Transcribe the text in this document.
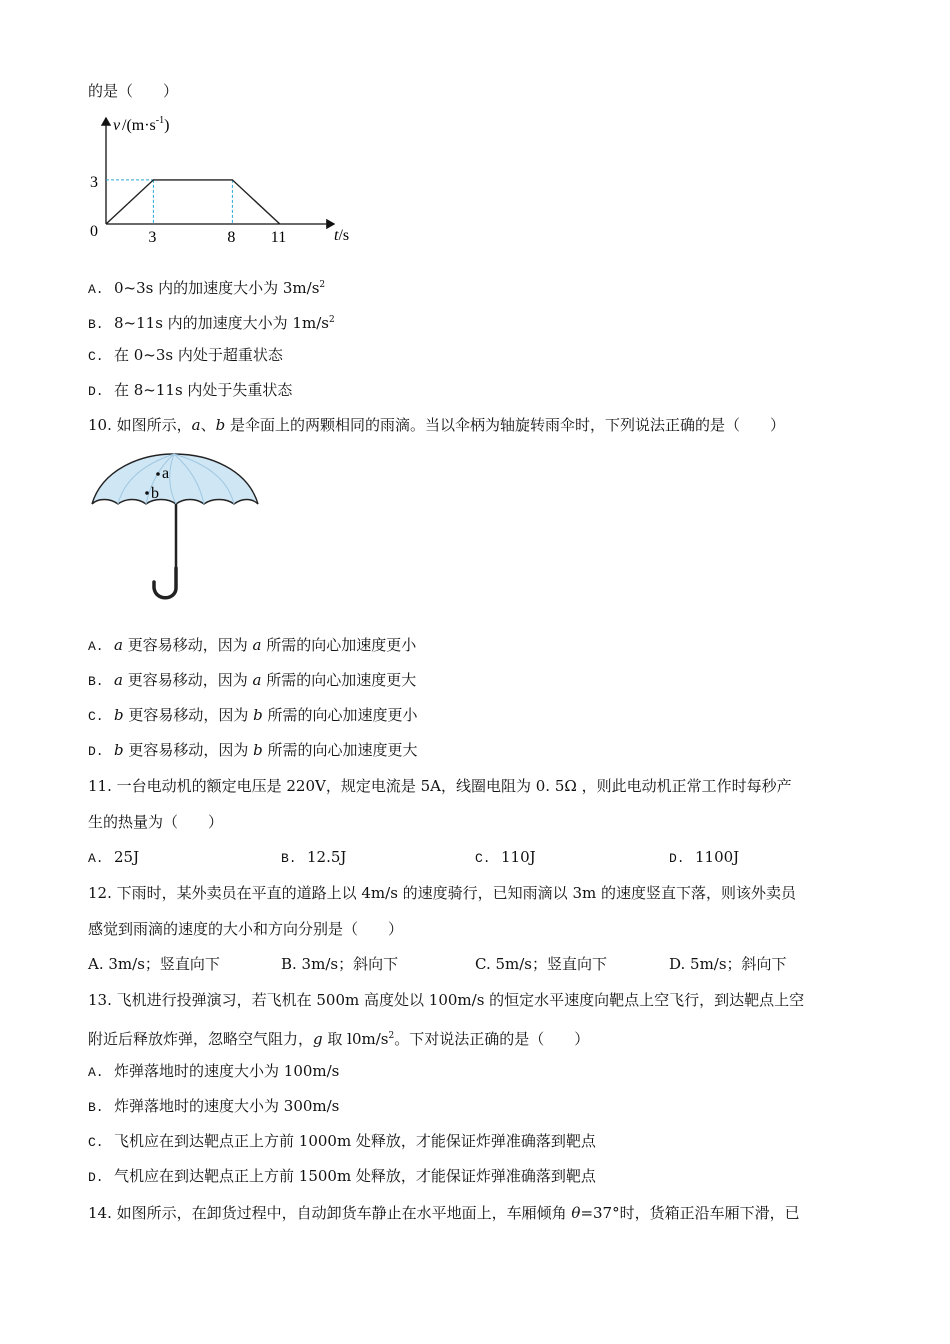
的是（　　）
v $/(m\cdot s^{-1})$
0
3
3	8 11	t/s
A. 0~3s 内的加速度大小为 $3m/s^2$
B. 8~11s 内的加速度大小为 $1m/s^2$
C. 在 0~3s 内处于超重状态
D. 在 8~11s 内处于失重状态
10. 如图所示，a、b 是伞面上的两颗相同的雨滴。当以伞柄为轴旋转雨伞时，下列说法正确的是（　　）
a
b
A. a 更容易移动，因为 a 所需的向心加速度更小
B. a 更容易移动，因为 a 所需的向心加速度更大
C. b 更容易移动，因为 b 所需的向心加速度更小
D. b 更容易移动，因为 b 所需的向心加速度更大
11. 一台电动机的额定电压是 220V，规定电流是 5A，线圈电阻为 0. 5Ω ，则此电动机正常工作时每秒产
生的热量为（　　）
A. 25J	B. 12.5J	C. 110J	D. 1100J
12. 下雨时，某外卖员在平直的道路上以 4m/s 的速度骑行，已知雨滴以 3m 的速度竖直下落，则该外卖员
感觉到雨滴的速度的大小和方向分别是（　　）
A. 3m/s；竖直向下	B. 3m/s；斜向下	C. 5m/s；竖直向下	D. 5m/s；斜向下
13. 飞机进行投弹演习，若飞机在 500m 高度处以 100m/s 的恒定水平速度向靶点上空飞行，到达靶点上空
附近后释放炸弹，忽略空气阻力，g 取 $l0m/s^2$。下对说法正确的是（　　）
A. 炸弹落地时的速度大小为 100m/s
B. 炸弹落地时的速度大小为 300m/s
C. 飞机应在到达靶点正上方前 1000m 处释放，才能保证炸弹准确落到靶点
D. 气机应在到达靶点正上方前 1500m 处释放，才能保证炸弹准确落到靶点
14. 如图所示，在卸货过程中，自动卸货车静止在水平地面上，车厢倾角 θ=37°时，货箱正沿车厢下滑，已
